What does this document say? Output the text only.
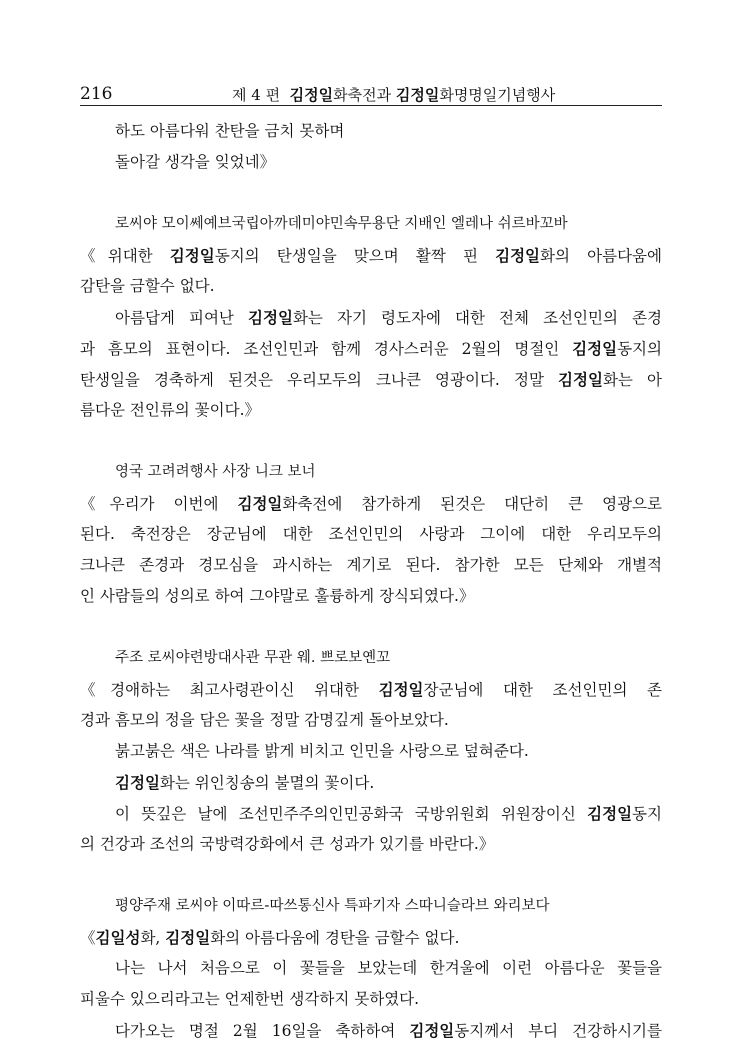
216	제 4 편 김정일화축전과 김정일화명명일기념행사
하도 아름다워 찬탄을 금치 못하며
돌아갈 생각을 잊었네》
로씨야 모이쎄예브국립아까데미야민속무용단 지배인 엘레나 쉬르바꼬바
《위대한 김정일동지의 탄생일을 맞으며 활짝 핀 김정일화의 아름다움에
감탄을 금할수 없다.
아름답게 피여난 김정일화는 자기 령도자에 대한 전체 조선인민의 존경
과 흠모의 표현이다. 조선인민과 함께 경사스러운 2월의 명절인 김정일동지의
탄생일을 경축하게 된것은 우리모두의 크나큰 영광이다. 정말 김정일화는 아
름다운 전인류의 꽃이다.》
영국 고려려행사 사장 니크 보너
《우리가 이번에 김정일화축전에 참가하게 된것은 대단히 큰 영광으로
된다. 축전장은 장군님에 대한 조선인민의 사랑과 그이에 대한 우리모두의
크나큰 존경과 경모심을 과시하는 계기로 된다. 참가한 모든 단체와 개별적
인 사람들의 성의로 하여 그야말로 훌륭하게 장식되였다.》
주조 로씨야련방대사관 무관 웨. 쁘로보옌꼬
《경애하는 최고사령관이신 위대한 김정일장군님에 대한 조선인민의 존
경과 흠모의 정을 담은 꽃을 정말 감명깊게 돌아보았다.
붉고붉은 색은 나라를 밝게 비치고 인민을 사랑으로 덮혀준다.
김정일화는 위인칭송의 불멸의 꽃이다.
이 뜻깊은 날에 조선민주주의인민공화국 국방위원회 위원장이신 김정일동지
의 건강과 조선의 국방력강화에서 큰 성과가 있기를 바란다.》
평양주재 로씨야 이따르-따쓰통신사 특파기자 스따니슬라브 와리보다
《김일성화, 김정일화의 아름다움에 경탄을 금할수 없다.
나는 나서 처음으로 이 꽃들을 보았는데 한겨울에 이런 아름다운 꽃들을
피울수 있으리라고는 언제한번 생각하지 못하였다.
다가오는 명절 2월 16일을 축하하여 김정일동지께서 부디 건강하시기를
